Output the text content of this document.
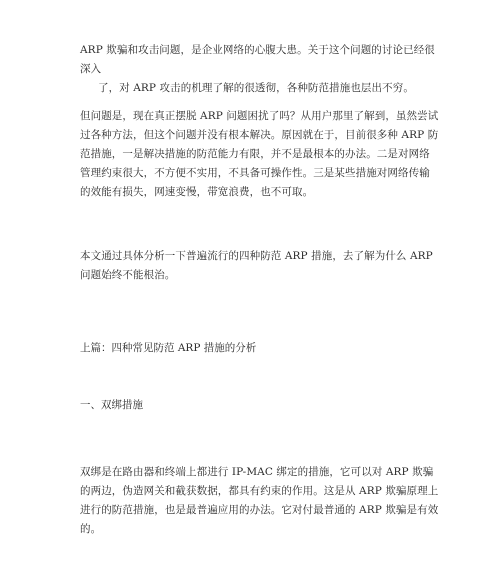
ARP 欺骗和攻击问题，是企业网络的心腹大患。关于这个问题的讨论已经很深入
了，对 ARP 攻击的机理了解的很透彻，各种防范措施也层出不穷。

但问题是，现在真正摆脱 ARP 问题困扰了吗？从用户那里了解到，虽然尝试过各种方法，但这个问题并没有根本解决。原因就在于，目前很多种 ARP 防范措施，一是解决措施的防范能力有限，并不是最根本的办法。二是对网络管理约束很大，不方便不实用，不具备可操作性。三是某些措施对网络传输的效能有损失，网速变慢，带宽浪费，也不可取。

本文通过具体分析一下普遍流行的四种防范 ARP 措施，去了解为什么 ARP 问题始终不能根治。

上篇：四种常见防范 ARP 措施的分析

一、双绑措施

双绑是在路由器和终端上都进行 IP-MAC 绑定的措施，它可以对 ARP 欺骗的两边，伪造网关和截获数据，都具有约束的作用。这是从 ARP 欺骗原理上进行的防范措施，也是最普遍应用的办法。它对付最普通的 ARP 欺骗是有效的。
